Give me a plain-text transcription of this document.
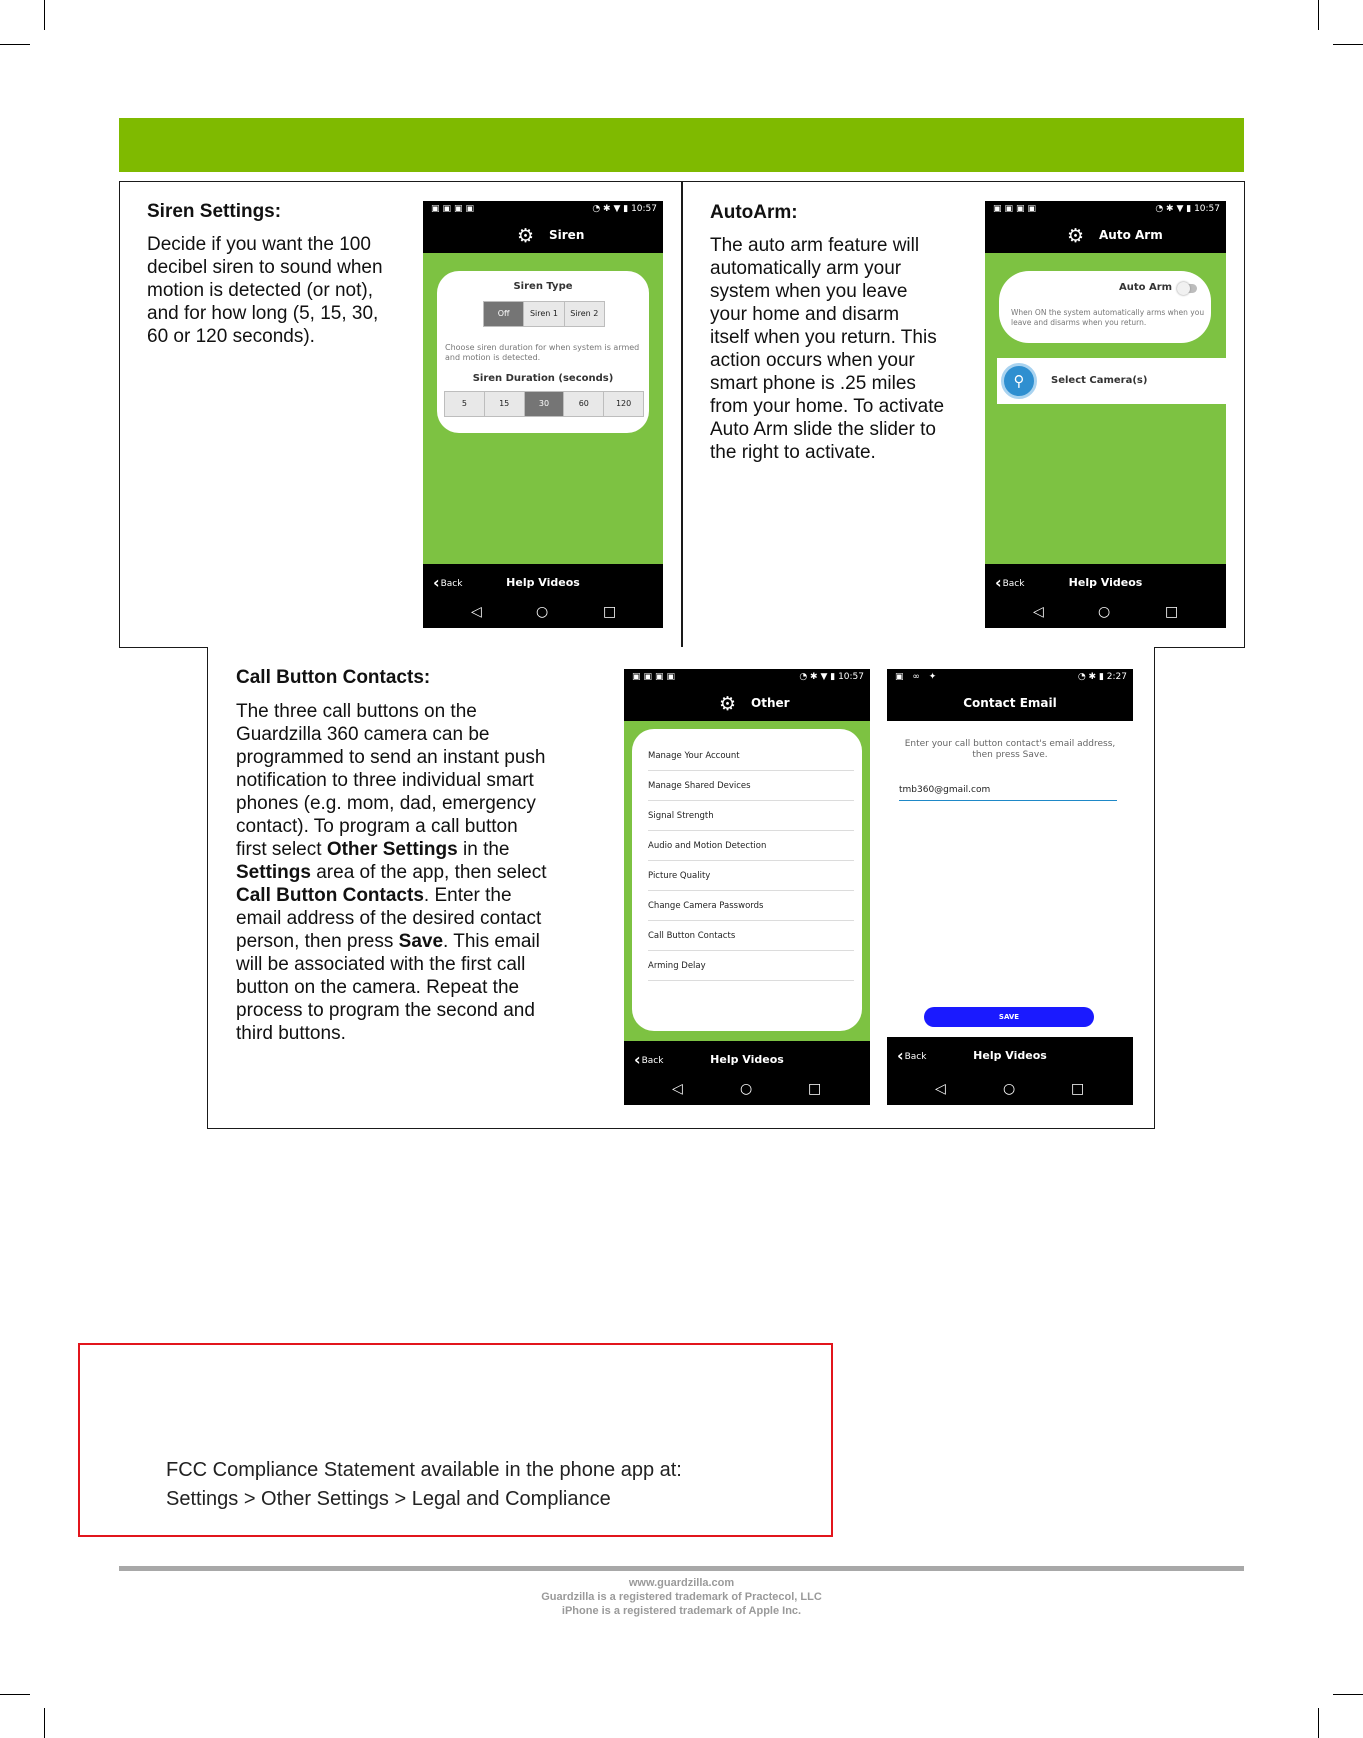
Siren Settings:
Decide if you want the 100
decibel siren to sound when
motion is detected (or not),
and for how long (5, 15, 30,
60 or 120 seconds).
▣▣▣▣	◔ ✱ ▼ ▮ 10:57
⚙ Siren
Siren Type
Off	Siren 1	Siren 2
Choose siren duration for when system is armed and motion is detected.
Siren Duration (seconds)
5	15	30	60	120
‹Back	Help Videos
◁	○	□
AutoArm:
The auto arm feature will
automatically arm your
system when you leave
your home and disarm
itself when you return. This
action occurs when your
smart phone is .25 miles
from your home. To activate
Auto Arm slide the slider to
the right to activate.
▣▣▣▣	◔ ✱ ▼ ▮ 10:57
⚙ Auto Arm
Auto Arm
When ON the system automatically arms when you leave and disarms when you return.
⚲	Select Camera(s)
‹Back	Help Videos
◁	○	□
Call Button Contacts:
The three call buttons on the
Guardzilla 360 camera can be
programmed to send an instant push
notification to three individual smart
phones (e.g. mom, dad, emergency
contact). To program a call button
first select Other Settings in the
Settings area of the app, then select
Call Button Contacts. Enter the
email address of the desired contact
person, then press Save. This email
will be associated with the first call
button on the camera. Repeat the
process to program the second and
third buttons.
▣▣▣▣	◔ ✱ ▼ ▮ 10:57
⚙ Other
Manage Your Account
Manage Shared Devices
Signal Strength
Audio and Motion Detection
Picture Quality
Change Camera Passwords
Call Button Contacts
Arming Delay
‹Back	Help Videos
◁	○	□
▣ ∞ ✦	◔ ✱ ▮ 2:27
Contact Email
Enter your call button contact's email address, then press Save.
tmb360@gmail.com
SAVE
‹Back	Help Videos
◁	○	□
FCC Compliance Statement available in the phone app at:
Settings > Other Settings > Legal and Compliance
www.guardzilla.com
Guardzilla is a registered trademark of Practecol, LLC
iPhone is a registered trademark of Apple Inc.
